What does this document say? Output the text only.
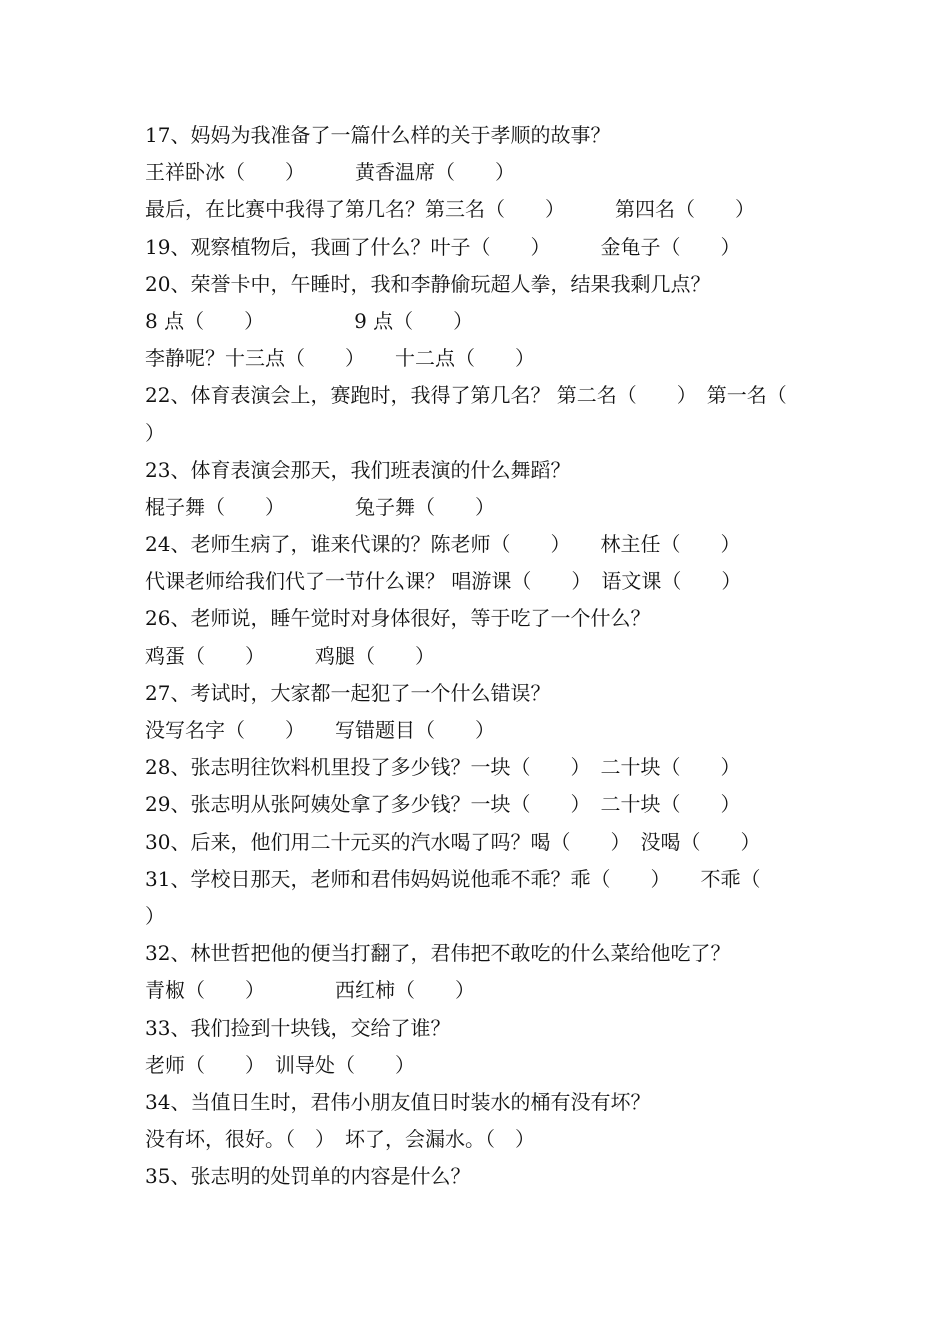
17、妈妈为我准备了一篇什么样的关于孝顺的故事？
王祥卧冰（　　）　　　黄香温席（　　）
最后，在比赛中我得了第几名？第三名（　　）　　　第四名（　　）
19、观察植物后，我画了什么？叶子（　　）　　　金龟子（　　）
20、荣誉卡中，午睡时，我和李静偷玩超人拳，结果我剩几点？
8 点（　　）　　　　　9 点（　　）
李静呢？十三点（　　）　　十二点（　　）
22、体育表演会上，赛跑时，我得了第几名？ 第二名（　　）　第一名（
）
23、体育表演会那天，我们班表演的什么舞蹈？
棍子舞（　　）　　　　兔子舞（　　）
24、老师生病了，谁来代课的？陈老师（　　）　　林主任（　　）
代课老师给我们代了一节什么课？ 唱游课（　　）　语文课（　　）
26、老师说，睡午觉时对身体很好，等于吃了一个什么？
鸡蛋（　　）　　　鸡腿（　　）
27、考试时，大家都一起犯了一个什么错误？
没写名字（　　）　　写错题目（　　）
28、张志明往饮料机里投了多少钱？一块（　　）　二十块（　　）
29、张志明从张阿姨处拿了多少钱？一块（　　）　二十块（　　）
30、后来，他们用二十元买的汽水喝了吗？喝（　　）　没喝（　　）
31、学校日那天，老师和君伟妈妈说他乖不乖？乖（　　）　　不乖（
）
32、林世哲把他的便当打翻了，君伟把不敢吃的什么菜给他吃了？
青椒（　　）　　　　西红柿（　　）
33、我们捡到十块钱，交给了谁？
老师（　　）　训导处（　　）
34、当值日生时，君伟小朋友值日时装水的桶有没有坏？
没有坏，很好。（　）　坏了，会漏水。（　）
35、张志明的处罚单的内容是什么？
